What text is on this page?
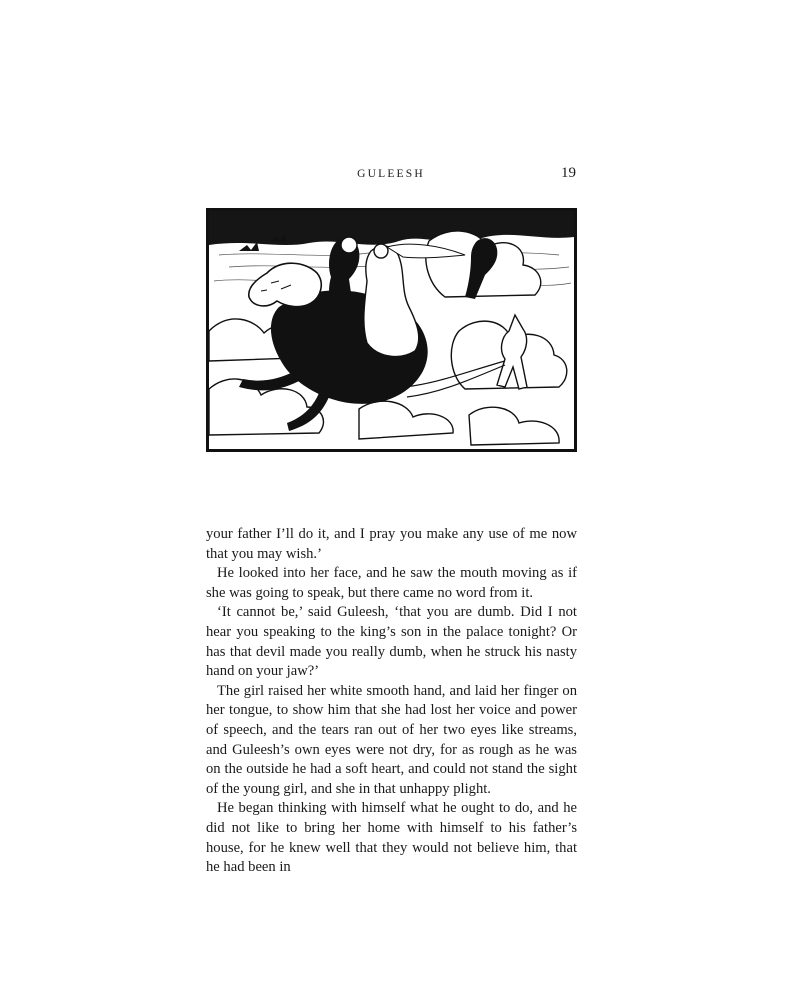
GULEESH	19

your father I’ll do it, and I pray you make any use of me now that you may wish.’

He looked into her face, and he saw the mouth moving as if she was going to speak, but there came no word from it.

‘It cannot be,’ said Guleesh, ‘that you are dumb. Did I not hear you speaking to the king’s son in the palace tonight? Or has that devil made you really dumb, when he struck his nasty hand on your jaw?’

The girl raised her white smooth hand, and laid her finger on her tongue, to show him that she had lost her voice and power of speech, and the tears ran out of her two eyes like streams, and Guleesh’s own eyes were not dry, for as rough as he was on the outside he had a soft heart, and could not stand the sight of the young girl, and she in that unhappy plight.

He began thinking with himself what he ought to do, and he did not like to bring her home with himself to his father’s house, for he knew well that they would not believe him, that he had been in
